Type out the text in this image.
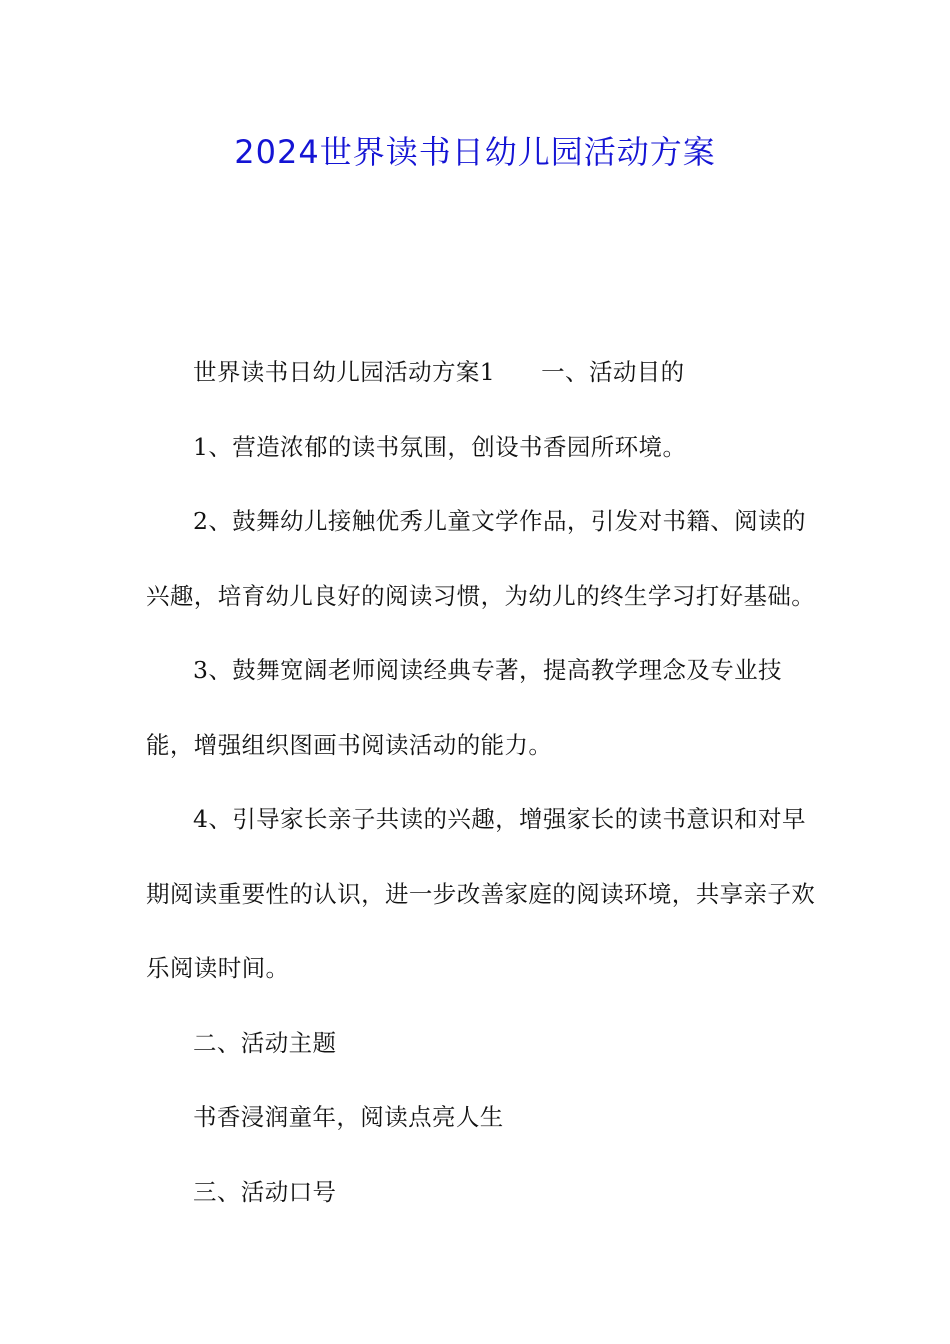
2024世界读书日幼儿园活动方案

世界读书日幼儿园活动方案1 一、活动目的

1、营造浓郁的读书氛围，创设书香园所环境。

2、鼓舞幼儿接触优秀儿童文学作品，引发对书籍、阅读的兴趣，培育幼儿良好的阅读习惯，为幼儿的终生学习打好基础。

3、鼓舞宽阔老师阅读经典专著，提高教学理念及专业技能，增强组织图画书阅读活动的能力。

4、引导家长亲子共读的兴趣，增强家长的读书意识和对早期阅读重要性的认识，进一步改善家庭的阅读环境，共享亲子欢乐阅读时间。

二、活动主题

书香浸润童年，阅读点亮人生

三、活动口号
